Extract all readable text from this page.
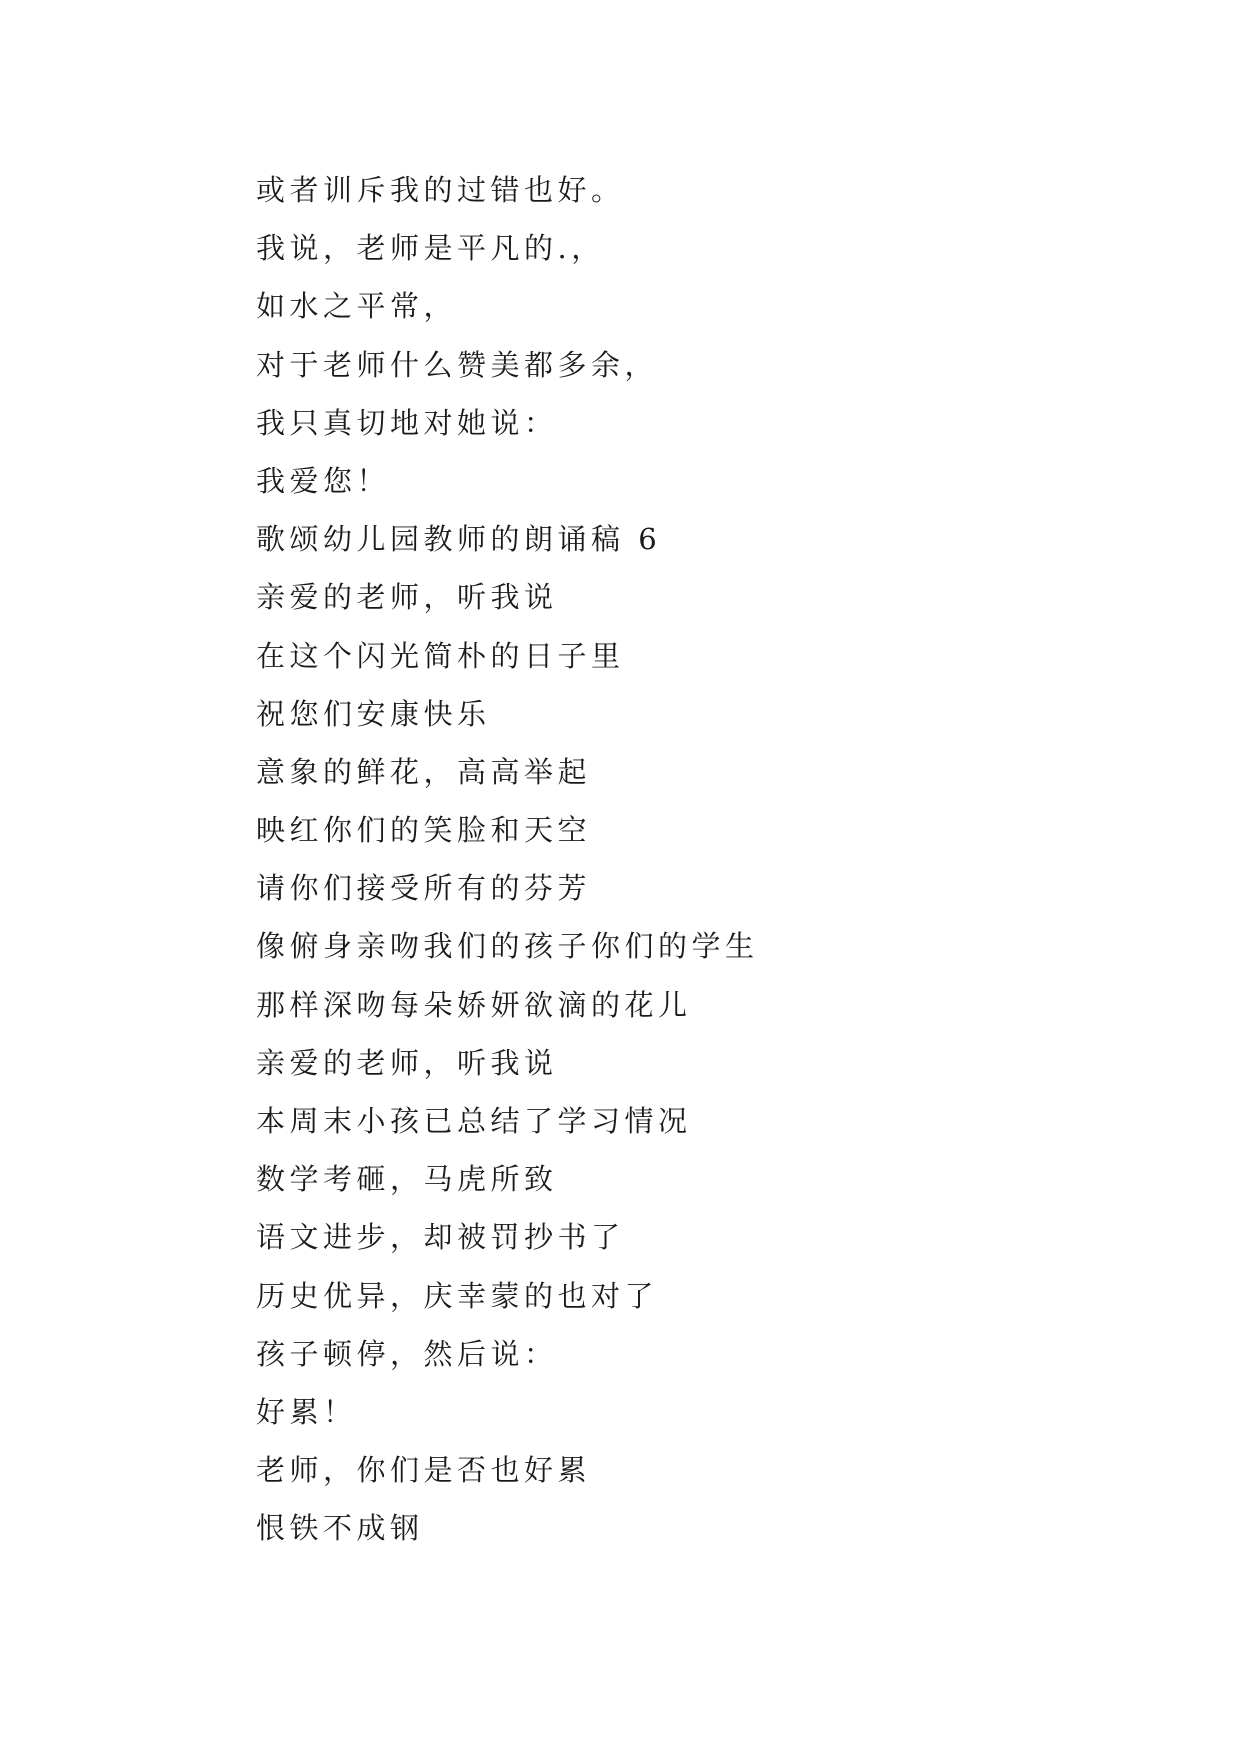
或者训斥我的过错也好。
我说，老师是平凡的.，
如水之平常，
对于老师什么赞美都多余，
我只真切地对她说：
我爱您！
歌颂幼儿园教师的朗诵稿 6
亲爱的老师，听我说
在这个闪光简朴的日子里
祝您们安康快乐
意象的鲜花，高高举起
映红你们的笑脸和天空
请你们接受所有的芬芳
像俯身亲吻我们的孩子你们的学生
那样深吻每朵娇妍欲滴的花儿
亲爱的老师，听我说
本周末小孩已总结了学习情况
数学考砸，马虎所致
语文进步，却被罚抄书了
历史优异，庆幸蒙的也对了
孩子顿停，然后说：
好累！
老师，你们是否也好累
恨铁不成钢
